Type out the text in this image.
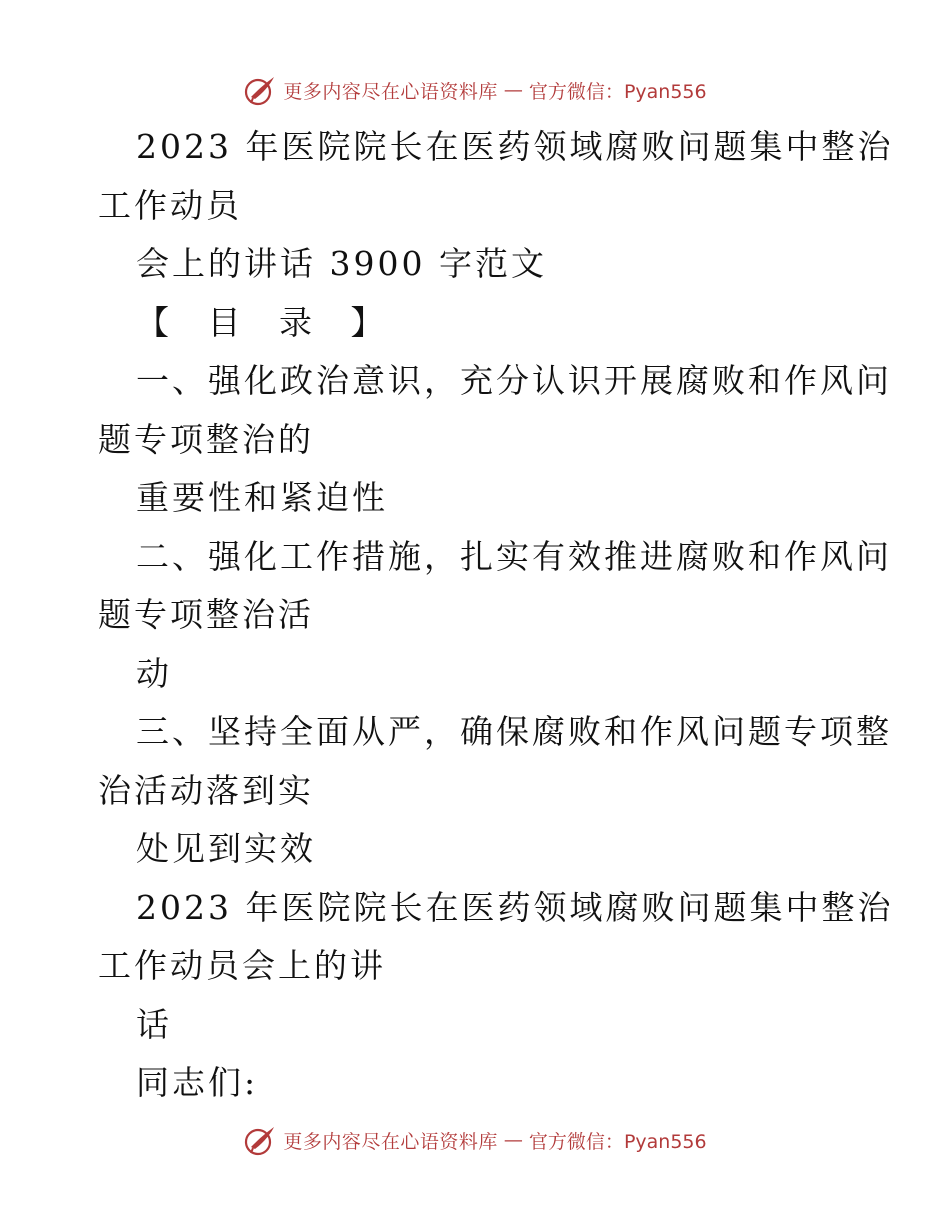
更多内容尽在心语资料库 — 官方微信：Pyan556
2023 年医院院长在医药领域腐败问题集中整治
工作动员
会上的讲话 3900 字范文
【 目 录 】
一、强化政治意识，充分认识开展腐败和作风问
题专项整治的
重要性和紧迫性
二、强化工作措施，扎实有效推进腐败和作风问
题专项整治活
动
三、坚持全面从严，确保腐败和作风问题专项整
治活动落到实
处见到实效
2023 年医院院长在医药领域腐败问题集中整治
工作动员会上的讲
话
同志们:
更多内容尽在心语资料库 — 官方微信：Pyan556
